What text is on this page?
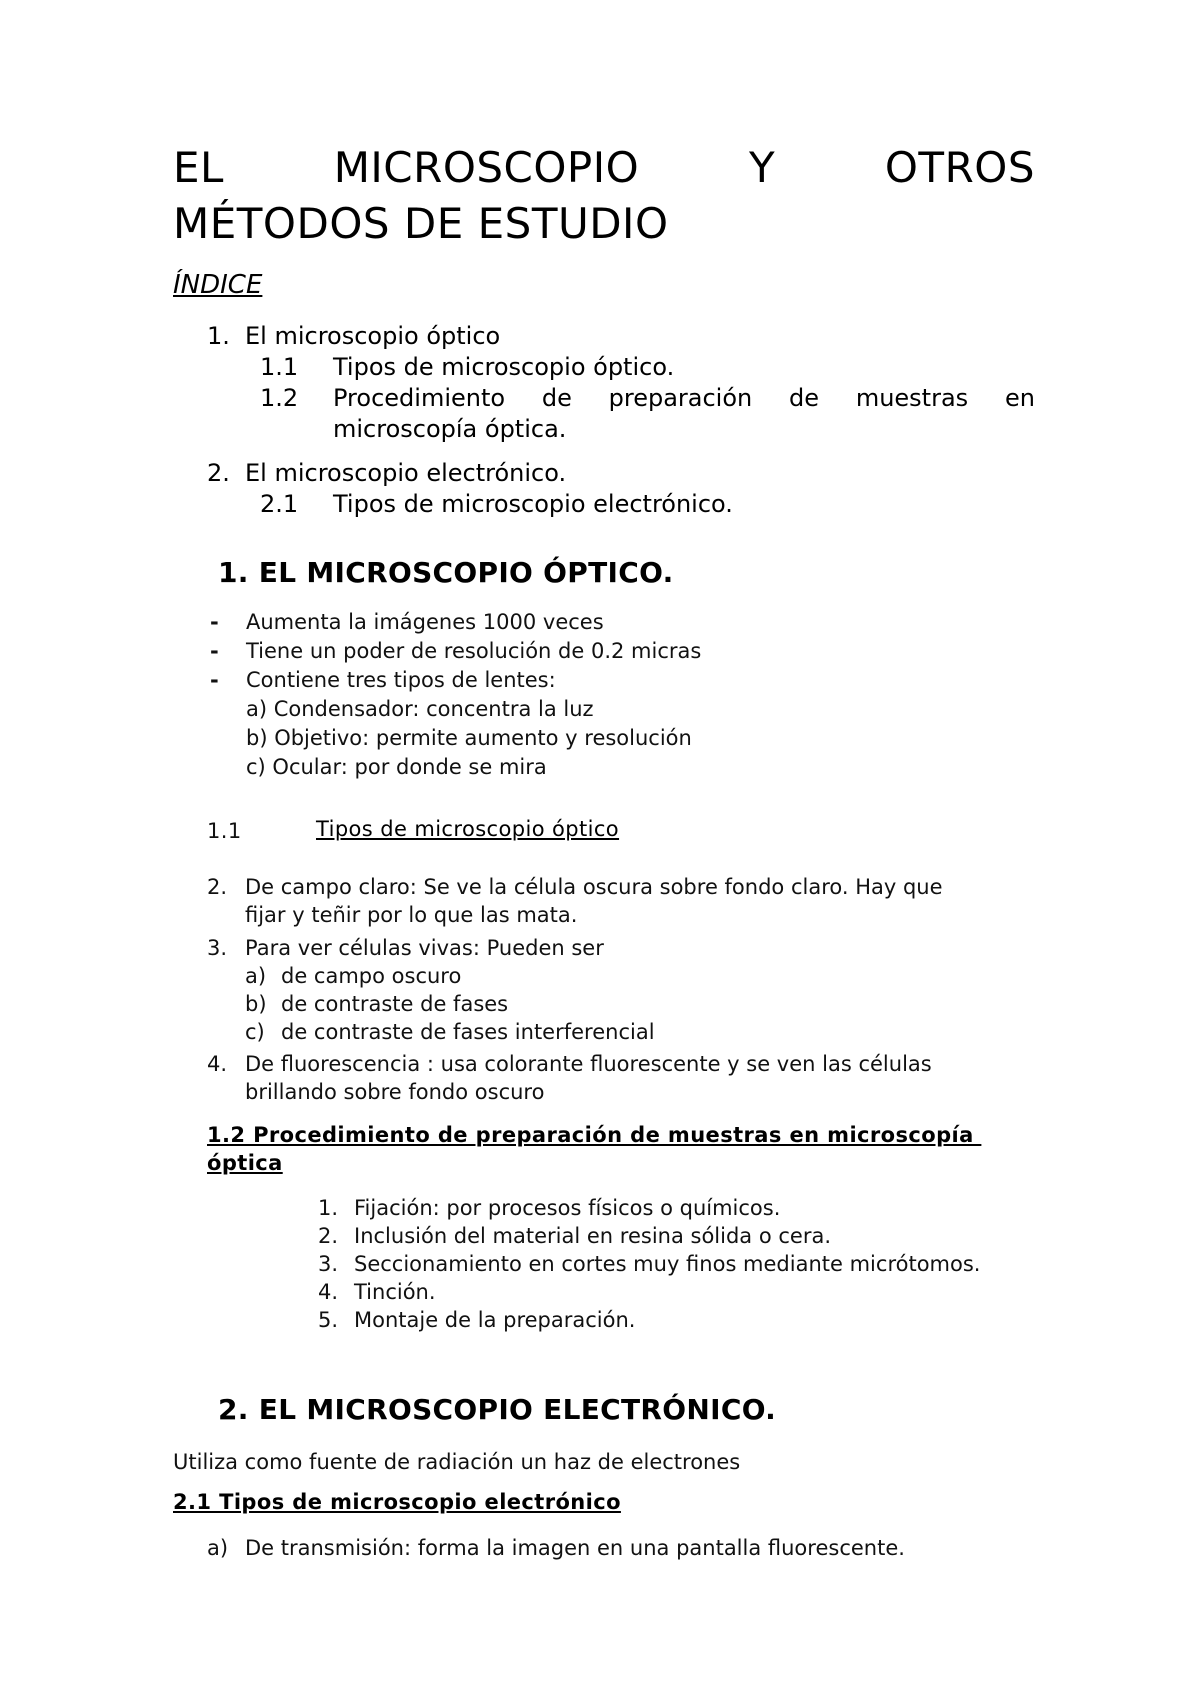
EL	MICROSCOPIO	Y	OTROS
MÉTODOS DE ESTUDIO
ÍNDICE
1. El microscopio óptico
1.1 Tipos de microscopio óptico.
1.2	Procedimiento de preparación de muestras en
microscopía óptica.
2. El microscopio electrónico.
2.1 Tipos de microscopio electrónico.
1. EL MICROSCOPIO ÓPTICO.
- Aumenta la imágenes 1000 veces
- Tiene un poder de resolución de 0.2 micras
- Contiene tres tipos de lentes:
a) Condensador: concentra la luz
b) Objetivo: permite aumento y resolución
c) Ocular: por donde se mira
1.1	Tipos de microscopio óptico
2. De campo claro: Se ve la célula oscura sobre fondo claro. Hay que
fijar y teñir por lo que las mata.
3. Para ver células vivas: Pueden ser
a) de campo oscuro
b) de contraste de fases
c) de contraste de fases interferencial
4. De fluorescencia : usa colorante fluorescente y se ven las células
brillando sobre fondo oscuro
1.2 Procedimiento de preparación de muestras en microscopía
óptica
1. Fijación: por procesos físicos o químicos.
2. Inclusión del material en resina sólida o cera.
3. Seccionamiento en cortes muy finos mediante micrótomos.
4. Tinción.
5. Montaje de la preparación.
2. EL MICROSCOPIO ELECTRÓNICO.
Utiliza como fuente de radiación un haz de electrones
2.1 Tipos de microscopio electrónico
a) De transmisión: forma la imagen en una pantalla fluorescente.
